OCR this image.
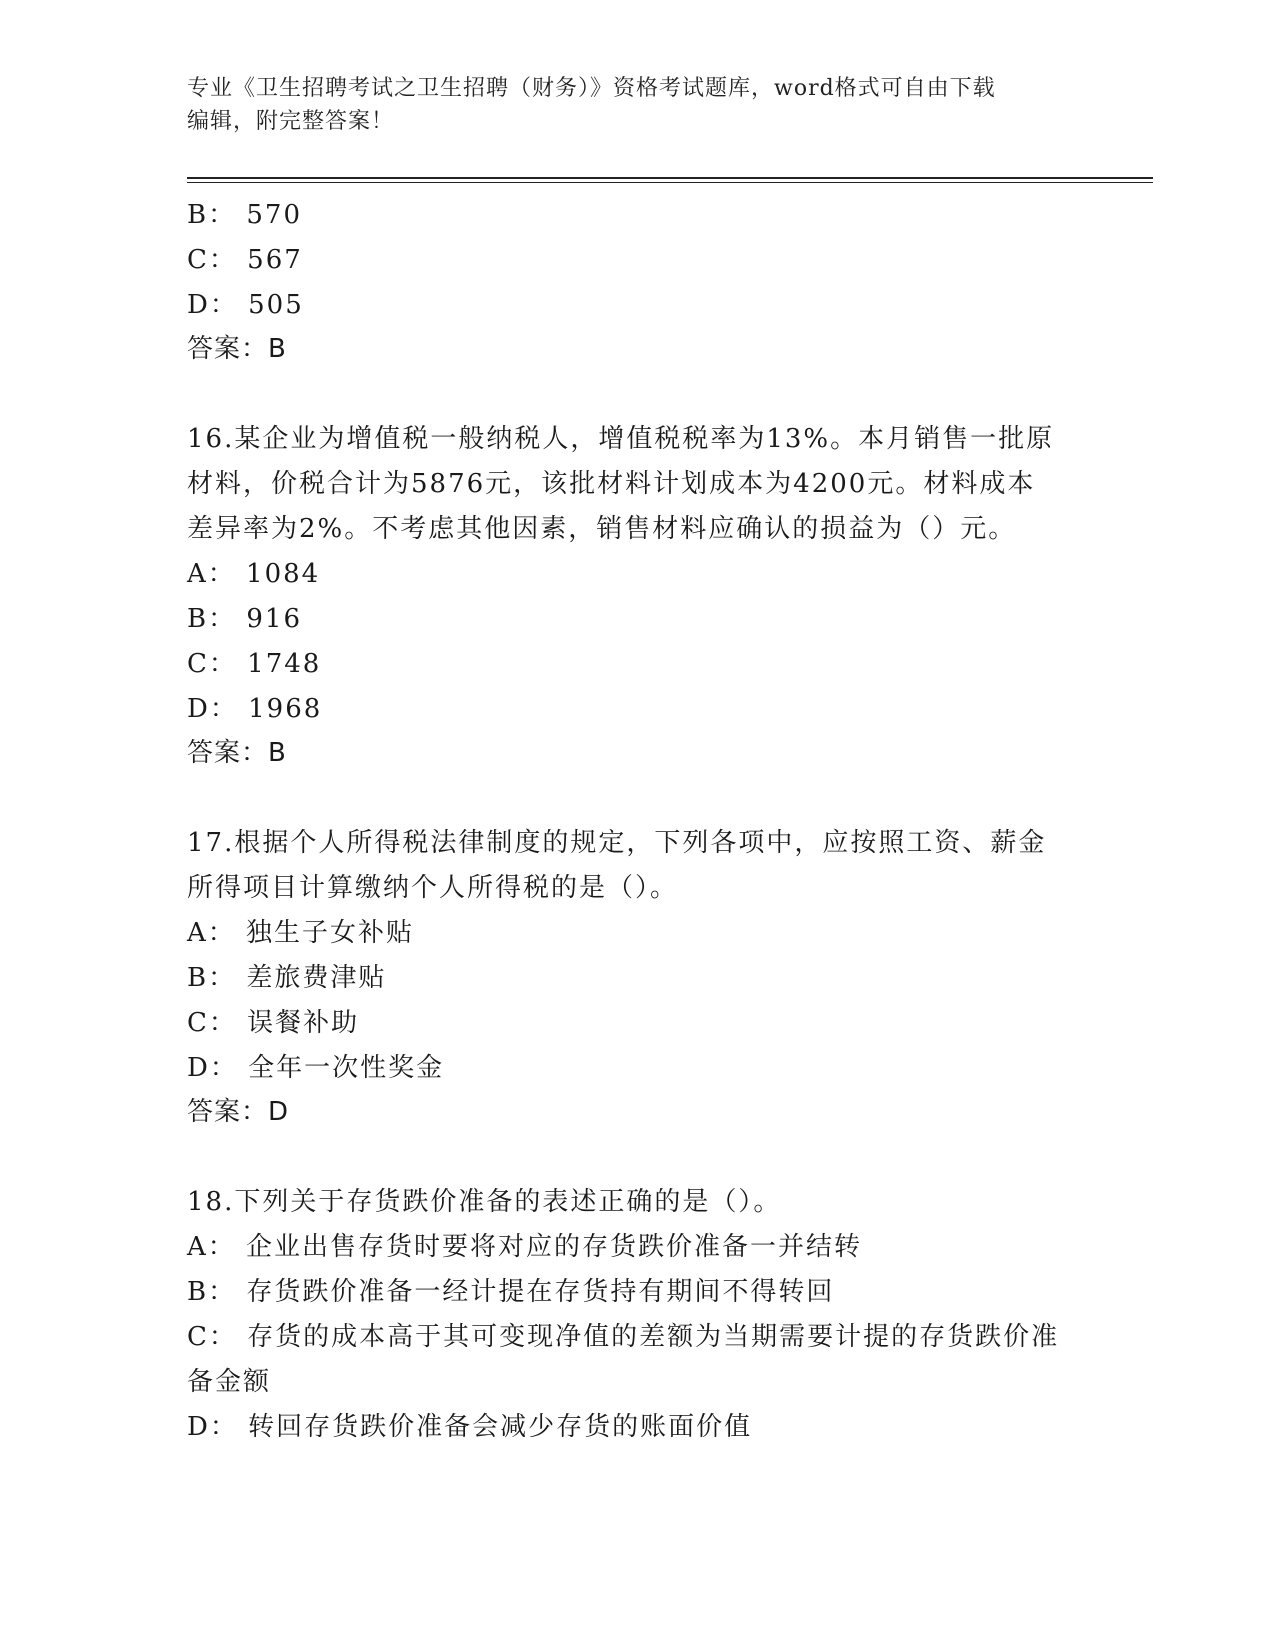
专业《卫生招聘考试之卫生招聘（财务）》资格考试题库，word格式可自由下载
编辑，附完整答案！
B： 570
C： 567
D： 505
答案：B
16.某企业为增值税一般纳税人，增值税税率为13%。本月销售一批原
材料，价税合计为5876元，该批材料计划成本为4200元。材料成本
差异率为2%。不考虑其他因素，销售材料应确认的损益为（）元。
A： 1084
B： 916
C： 1748
D： 1968
答案：B
17.根据个人所得税法律制度的规定，下列各项中，应按照工资、薪金
所得项目计算缴纳个人所得税的是（）。
A： 独生子女补贴
B： 差旅费津贴
C： 误餐补助
D： 全年一次性奖金
答案：D
18.下列关于存货跌价准备的表述正确的是（）。
A： 企业出售存货时要将对应的存货跌价准备一并结转
B： 存货跌价准备一经计提在存货持有期间不得转回
C： 存货的成本高于其可变现净值的差额为当期需要计提的存货跌价准
备金额
D： 转回存货跌价准备会减少存货的账面价值
